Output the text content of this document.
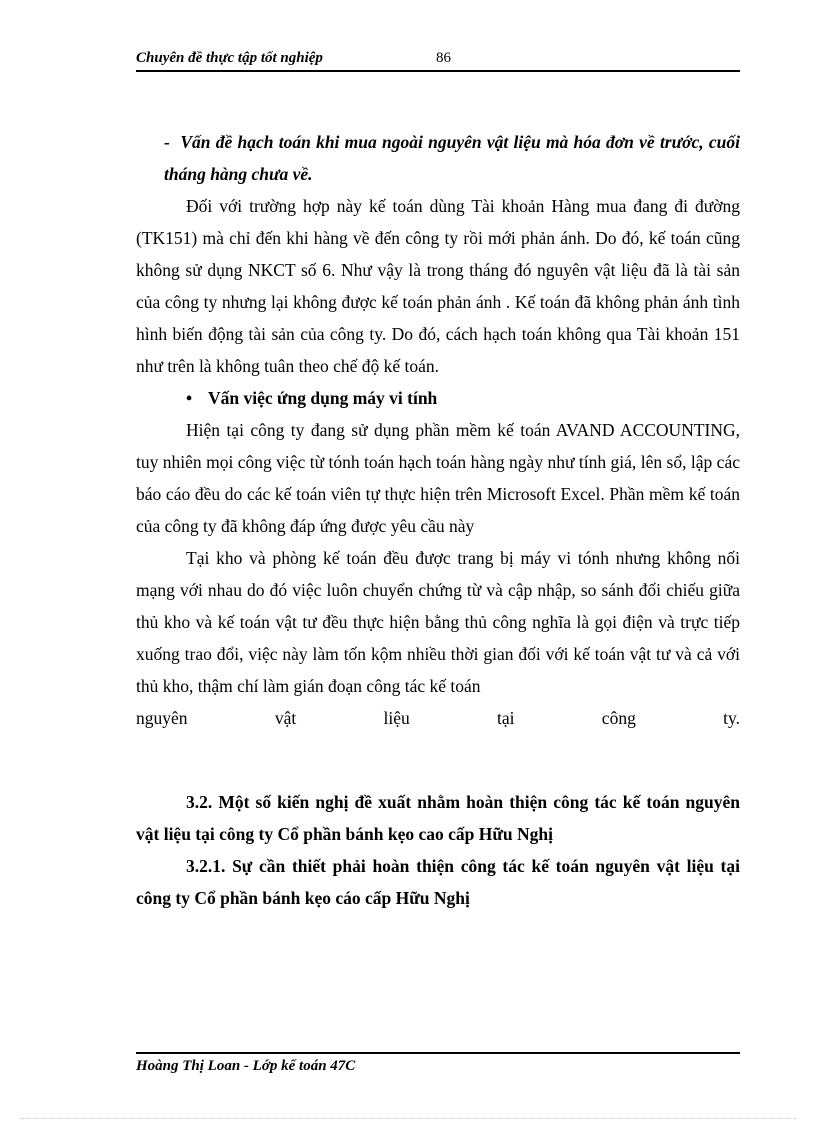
Chuyên đề thực tập tốt nghiệp	86

- Vấn đề hạch toán khi mua ngoài nguyên vật liệu mà hóa đơn về trước, cuối tháng hàng chưa về.

Đối với trường hợp này kế toán dùng Tài khoản Hàng mua đang đi đường (TK151) mà chỉ đến khi hàng về đến công ty rồi mới phản ánh. Do đó, kế toán cũng không sử dụng NKCT số 6. Như vậy là trong tháng đó nguyên vật liệu đã là tài sản của công ty nhưng lại không được kế toán phản ánh . Kế toán đã không phản ánh tình hình biến động tài sản của công ty. Do đó, cách hạch toán không qua Tài khoản 151 như trên là không tuân theo chế độ kế toán.

• Vấn việc ứng dụng máy vi tính

Hiện tại công ty đang sử dụng phần mềm kế toán AVAND ACCOUNTING, tuy nhiên mọi công việc từ tónh toán hạch toán hàng ngày như tính giá, lên sổ, lập các báo cáo đều do các kế toán viên tự thực hiện trên Microsoft Excel. Phần mềm kế toán của công ty đã không đáp ứng được yêu cầu này

Tại kho và phòng kế toán đều được trang bị máy vi tónh nhưng không nối mạng với nhau do đó việc luôn chuyển chứng từ và cập nhập, so sánh đối chiếu giữa thủ kho và kế toán vật tư đều thực hiện bằng thủ công nghĩa là gọi điện và trực tiếp xuống trao đổi, việc này làm tốn kộm nhiều thời gian đối với kế toán vật tư và cả với thủ kho, thậm chí làm gián đoạn công tác kế toán

nguyên	vật	liệu	tại	công	ty.

3.2. Một số kiến nghị đề xuất nhằm hoàn thiện công tác kế toán nguyên vật liệu tại công ty Cổ phần bánh kẹo cao cấp Hữu Nghị

3.2.1. Sự cần thiết phải hoàn thiện công tác kế toán nguyên vật liệu tại công ty Cổ phần bánh kẹo cáo cấp Hữu Nghị

Hoàng Thị Loan - Lớp kế toán 47C
